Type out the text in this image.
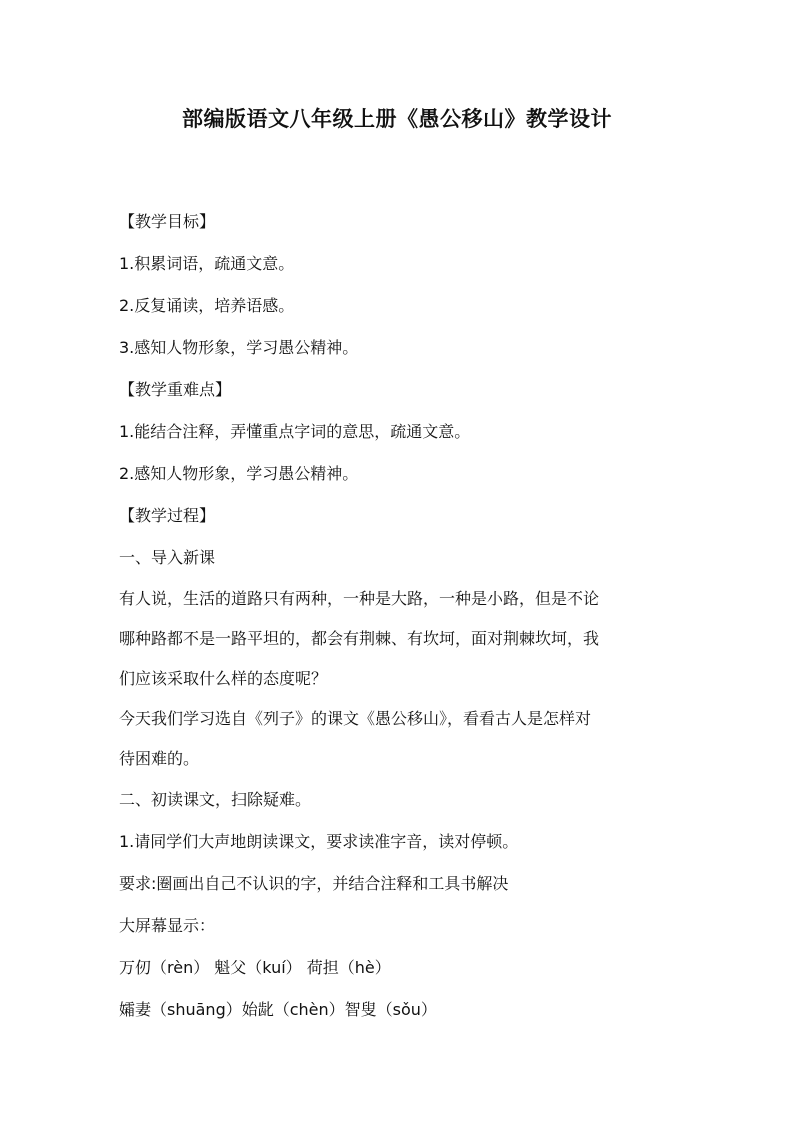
部编版语文八年级上册《愚公移山》教学设计
【教学目标】
1.积累词语，疏通文意。
2.反复诵读，培养语感。
3.感知人物形象，学习愚公精神。
【教学重难点】
1.能结合注释，弄懂重点字词的意思，疏通文意。
2.感知人物形象，学习愚公精神。
【教学过程】
一、导入新课
有人说，生活的道路只有两种，一种是大路，一种是小路，但是不论
哪种路都不是一路平坦的，都会有荆棘、有坎坷，面对荆棘坎坷，我
们应该采取什么样的态度呢？
今天我们学习选自《列子》的课文《愚公移山》，看看古人是怎样对
待困难的。
二、初读课文，扫除疑难。
1.请同学们大声地朗读课文，要求读准字音，读对停顿。
要求:圈画出自己不认识的字，并结合注释和工具书解决
大屏幕显示：
万仞（rèn） 魁父（kuí） 荷担（hè）
孀妻（shuāng）始龀（chèn）智叟（sǒu）
